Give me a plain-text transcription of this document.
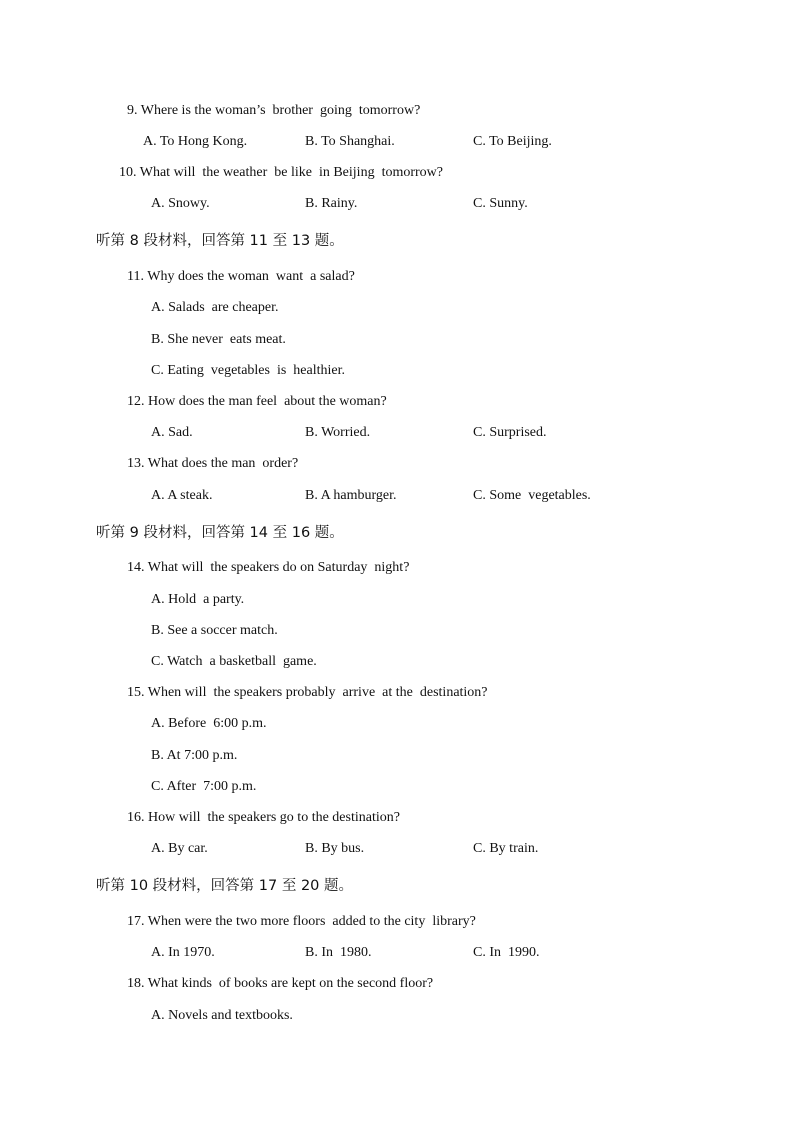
9. Where is the woman’s  brother  going  tomorrow?
A. To Hong Kong.	B. To Shanghai.	C. To Beijing.
10. What will  the weather  be like  in Beijing  tomorrow?
A. Snowy.	B. Rainy.	C. Sunny.
听第 8 段材料，回答第 11 至 13 题。
11. Why does the woman  want  a salad?
A. Salads  are cheaper.
B. She never  eats meat.
C. Eating  vegetables  is  healthier.
12. How does the man feel  about the woman?
A. Sad.	B. Worried.	C. Surprised.
13. What does the man  order?
A. A steak.	B. A hamburger.	C. Some  vegetables.
听第 9 段材料，回答第 14 至 16 题。
14. What will  the speakers do on Saturday  night?
A. Hold  a party.
B. See a soccer match.
C. Watch  a basketball  game.
15. When will  the speakers probably  arrive  at the  destination?
A. Before  6:00 p.m.
B. At 7:00 p.m.
C. After  7:00 p.m.
16. How will  the speakers go to the destination?
A. By car.	B. By bus.	C. By train.
听第 10 段材料，回答第 17 至 20 题。
17. When were the two more floors  added to the city  library?
A. In 1970.	B. In  1980.	C. In  1990.
18. What kinds  of books are kept on the second floor?
A. Novels and textbooks.
